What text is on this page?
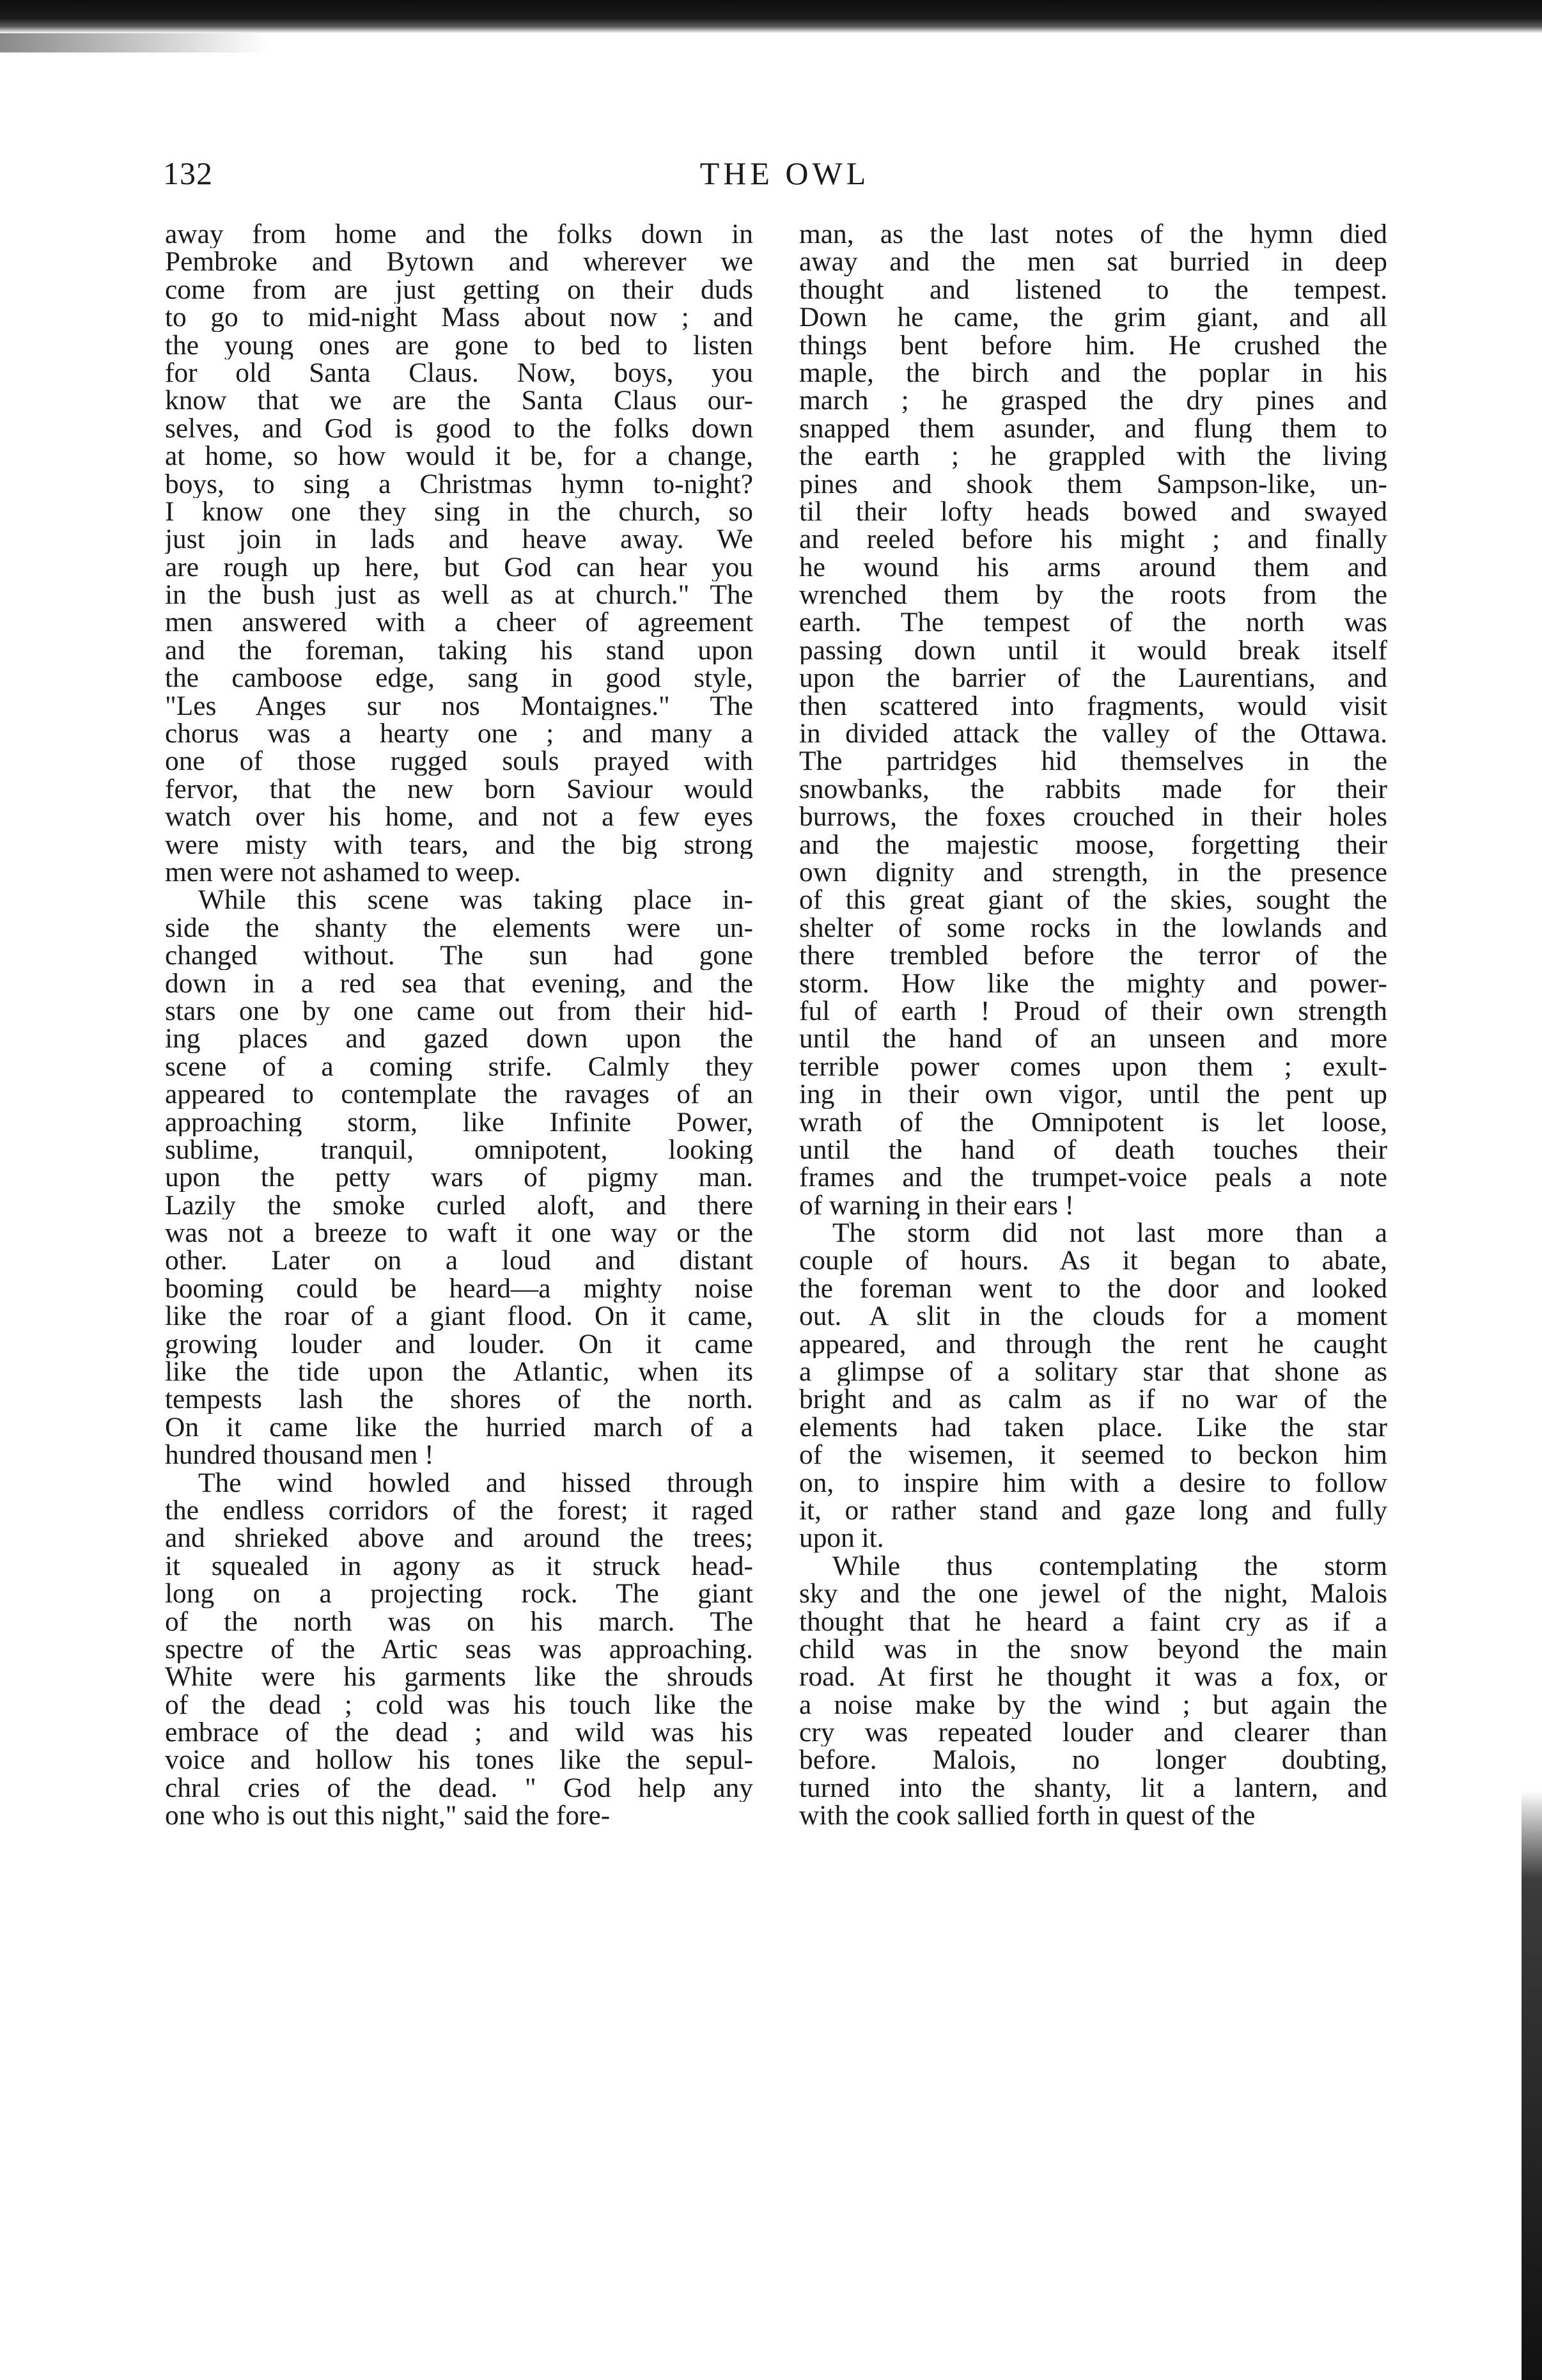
THE OWL
132
away from home and the folks down in
Pembroke and Bytown and wherever we
come from are just getting on their duds
to go to mid-night Mass about now ; and
the young ones are gone to bed to listen
for old Santa Claus. Now, boys, you
know that we are the Santa Claus our-
selves, and God is good to the folks down
at home, so how would it be, for a change,
boys, to sing a Christmas hymn to-night?
I know one they sing in the church, so
just join in lads and heave away. We
are rough up here, but God can hear you
in the bush just as well as at church." The
men answered with a cheer of agreement
and the foreman, taking his stand upon
the camboose edge, sang in good style,
"Les Anges sur nos Montaignes." The
chorus was a hearty one ; and many a
one of those rugged souls prayed with
fervor, that the new born Saviour would
watch over his home, and not a few eyes
were misty with tears, and the big strong
men were not ashamed to weep.
While this scene was taking place in-
side the shanty the elements were un-
changed without. The sun had gone
down in a red sea that evening, and the
stars one by one came out from their hid-
ing places and gazed down upon the
scene of a coming strife. Calmly they
appeared to contemplate the ravages of an
approaching storm, like Infinite Power,
sublime, tranquil, omnipotent, looking
upon the petty wars of pigmy man.
Lazily the smoke curled aloft, and there
was not a breeze to waft it one way or the
other. Later on a loud and distant
booming could be heard—a mighty noise
like the roar of a giant flood. On it came,
growing louder and louder. On it came
like the tide upon the Atlantic, when its
tempests lash the shores of the north.
On it came like the hurried march of a
hundred thousand men !
The wind howled and hissed through
the endless corridors of the forest; it raged
and shrieked above and around the trees;
it squealed in agony as it struck head-
long on a projecting rock. The giant
of the north was on his march. The
spectre of the Artic seas was approaching.
White were his garments like the shrouds
of the dead ; cold was his touch like the
embrace of the dead ; and wild was his
voice and hollow his tones like the sepul-
chral cries of the dead. " God help any
one who is out this night," said the fore-
man, as the last notes of the hymn died
away and the men sat burried in deep
thought and listened to the tempest.
Down he came, the grim giant, and all
things bent before him. He crushed the
maple, the birch and the poplar in his
march ; he grasped the dry pines and
snapped them asunder, and flung them to
the earth ; he grappled with the living
pines and shook them Sampson-like, un-
til their lofty heads bowed and swayed
and reeled before his might ; and finally
he wound his arms around them and
wrenched them by the roots from the
earth. The tempest of the north was
passing down until it would break itself
upon the barrier of the Laurentians, and
then scattered into fragments, would visit
in divided attack the valley of the Ottawa.
The partridges hid themselves in the
snowbanks, the rabbits made for their
burrows, the foxes crouched in their holes
and the majestic moose, forgetting their
own dignity and strength, in the presence
of this great giant of the skies, sought the
shelter of some rocks in the lowlands and
there trembled before the terror of the
storm. How like the mighty and power-
ful of earth ! Proud of their own strength
until the hand of an unseen and more
terrible power comes upon them ; exult-
ing in their own vigor, until the pent up
wrath of the Omnipotent is let loose,
until the hand of death touches their
frames and the trumpet-voice peals a note
of warning in their ears !
The storm did not last more than a
couple of hours. As it began to abate,
the foreman went to the door and looked
out. A slit in the clouds for a moment
appeared, and through the rent he caught
a glimpse of a solitary star that shone as
bright and as calm as if no war of the
elements had taken place. Like the star
of the wisemen, it seemed to beckon him
on, to inspire him with a desire to follow
it, or rather stand and gaze long and fully
upon it.
While thus contemplating the storm
sky and the one jewel of the night, Malois
thought that he heard a faint cry as if a
child was in the snow beyond the main
road. At first he thought it was a fox, or
a noise make by the wind ; but again the
cry was repeated louder and clearer than
before. Malois, no longer doubting,
turned into the shanty, lit a lantern, and
with the cook sallied forth in quest of the
